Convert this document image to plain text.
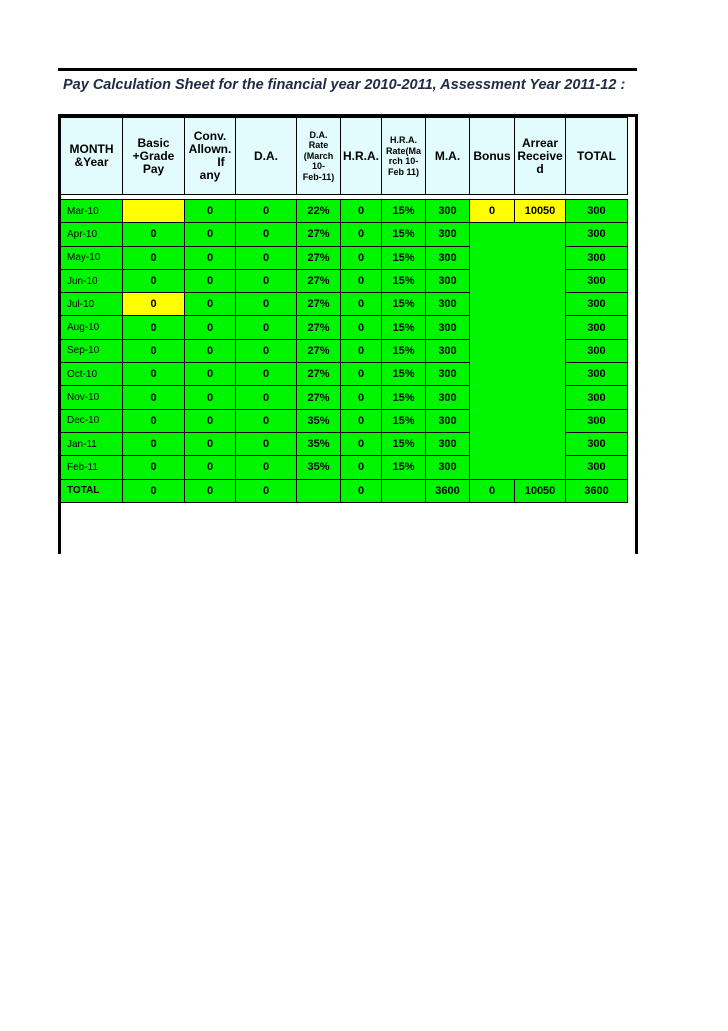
Pay Calculation Sheet for the financial year 2010-2011, Assessment Year 2011-12 :
MONTH
&Year	Basic
+Grade
Pay	Conv.
Allown.
If
any	D.A.	D.A.
Rate
(March
10-
Feb-11)	H.R.A.	H.R.A.
Rate(Ma
rch 10-
Feb 11)	M.A.	Bonus	Arrear
Receive
d	TOTAL

Mar-10		0	0	22%	0	15%	300	0	10050	300
Apr-10	0	0	0	27%	0	15%	300			300
May-10	0	0	0	27%	0	15%	300			300
Jun-10	0	0	0	27%	0	15%	300			300
Jul-10	0	0	0	27%	0	15%	300			300
Aug-10	0	0	0	27%	0	15%	300			300
Sep-10	0	0	0	27%	0	15%	300			300
Oct-10	0	0	0	27%	0	15%	300			300
Nov-10	0	0	0	27%	0	15%	300			300
Dec-10	0	0	0	35%	0	15%	300			300
Jan-11	0	0	0	35%	0	15%	300			300
Feb-11	0	0	0	35%	0	15%	300			300
TOTAL	0	0	0		0		3600	0	10050	3600
